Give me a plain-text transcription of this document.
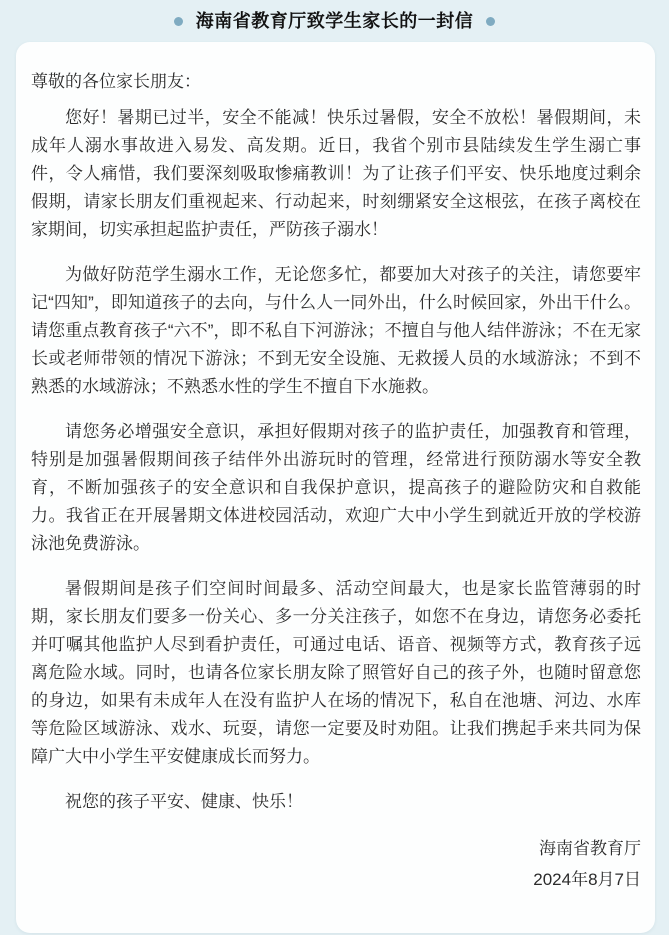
海南省教育厅致学生家长的一封信

尊敬的各位家长朋友：

您好！暑期已过半，安全不能减！快乐过暑假，安全不放松！暑假期间，未成年人溺水事故进入易发、高发期。近日，我省个别市县陆续发生学生溺亡事件，令人痛惜，我们要深刻吸取惨痛教训！为了让孩子们平安、快乐地度过剩余假期，请家长朋友们重视起来、行动起来，时刻绷紧安全这根弦，在孩子离校在家期间，切实承担起监护责任，严防孩子溺水！

为做好防范学生溺水工作，无论您多忙，都要加大对孩子的关注，请您要牢记“四知”，即知道孩子的去向，与什么人一同外出，什么时候回家，外出干什么。请您重点教育孩子“六不”，即不私自下河游泳；不擅自与他人结伴游泳；不在无家长或老师带领的情况下游泳；不到无安全设施、无救援人员的水域游泳；不到不熟悉的水域游泳；不熟悉水性的学生不擅自下水施救。

请您务必增强安全意识，承担好假期对孩子的监护责任，加强教育和管理，特别是加强暑假期间孩子结伴外出游玩时的管理，经常进行预防溺水等安全教育，不断加强孩子的安全意识和自我保护意识，提高孩子的避险防灾和自救能力。我省正在开展暑期文体进校园活动，欢迎广大中小学生到就近开放的学校游泳池免费游泳。

暑假期间是孩子们空间时间最多、活动空间最大，也是家长监管薄弱的时期，家长朋友们要多一份关心、多一分关注孩子，如您不在身边，请您务必委托并叮嘱其他监护人尽到看护责任，可通过电话、语音、视频等方式，教育孩子远离危险水域。同时，也请各位家长朋友除了照管好自己的孩子外，也随时留意您的身边，如果有未成年人在没有监护人在场的情况下，私自在池塘、河边、水库等危险区域游泳、戏水、玩耍，请您一定要及时劝阻。让我们携起手来共同为保障广大中小学生平安健康成长而努力。

祝您的孩子平安、健康、快乐！

海南省教育厅

2024年8月7日
